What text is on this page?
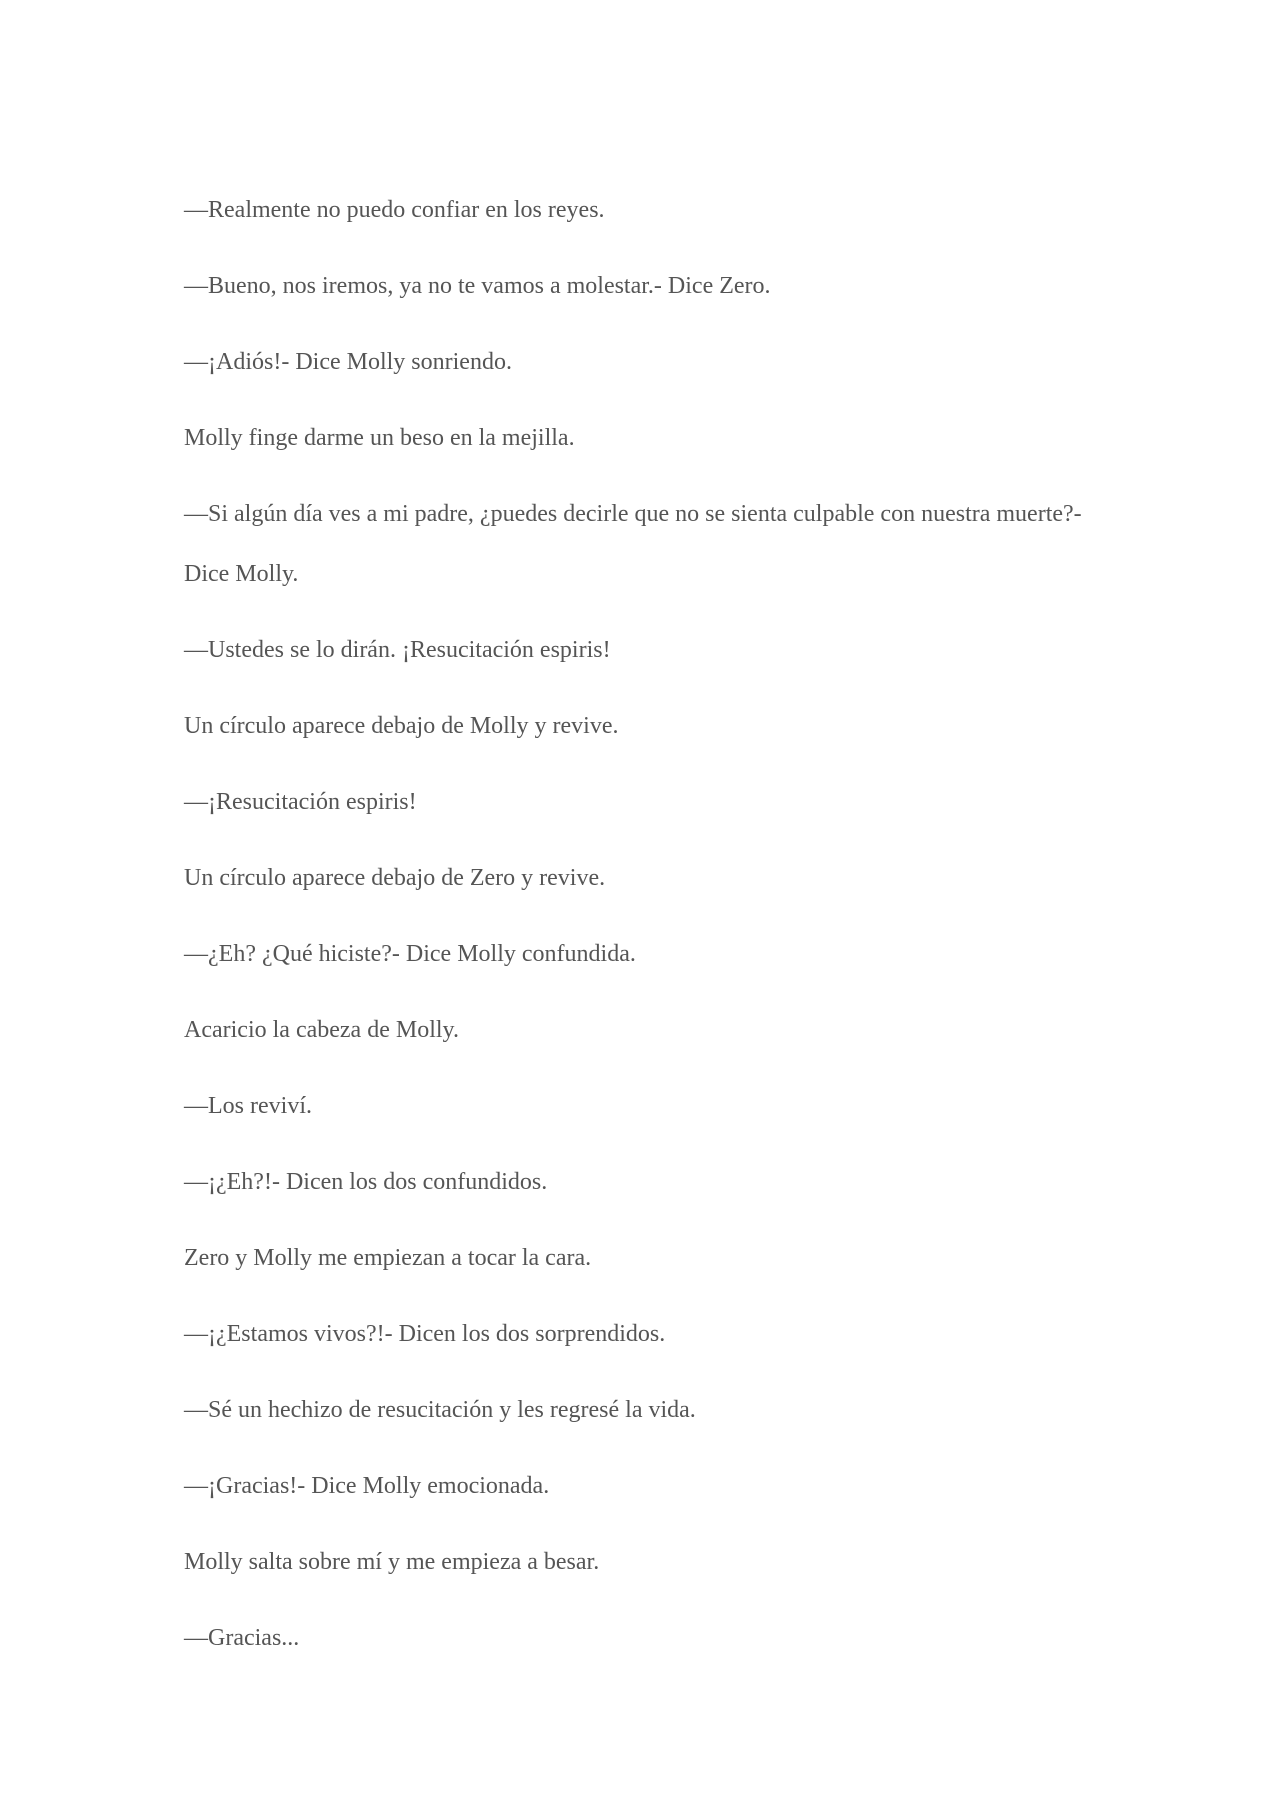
—Realmente no puedo confiar en los reyes.

—Bueno, nos iremos, ya no te vamos a molestar.- Dice Zero.

—¡Adiós!- Dice Molly sonriendo.

Molly finge darme un beso en la mejilla.

—Si algún día ves a mi padre, ¿puedes decirle que no se sienta culpable con nuestra muerte?- Dice Molly.

—Ustedes se lo dirán. ¡Resucitación espiris!

Un círculo aparece debajo de Molly y revive.

—¡Resucitación espiris!

Un círculo aparece debajo de Zero y revive.

—¿Eh? ¿Qué hiciste?- Dice Molly confundida.

Acaricio la cabeza de Molly.

—Los reviví.

—¡¿Eh?!- Dicen los dos confundidos.

Zero y Molly me empiezan a tocar la cara.

—¡¿Estamos vivos?!- Dicen los dos sorprendidos.

—Sé un hechizo de resucitación y les regresé la vida.

—¡Gracias!- Dice Molly emocionada.

Molly salta sobre mí y me empieza a besar.

—Gracias...
